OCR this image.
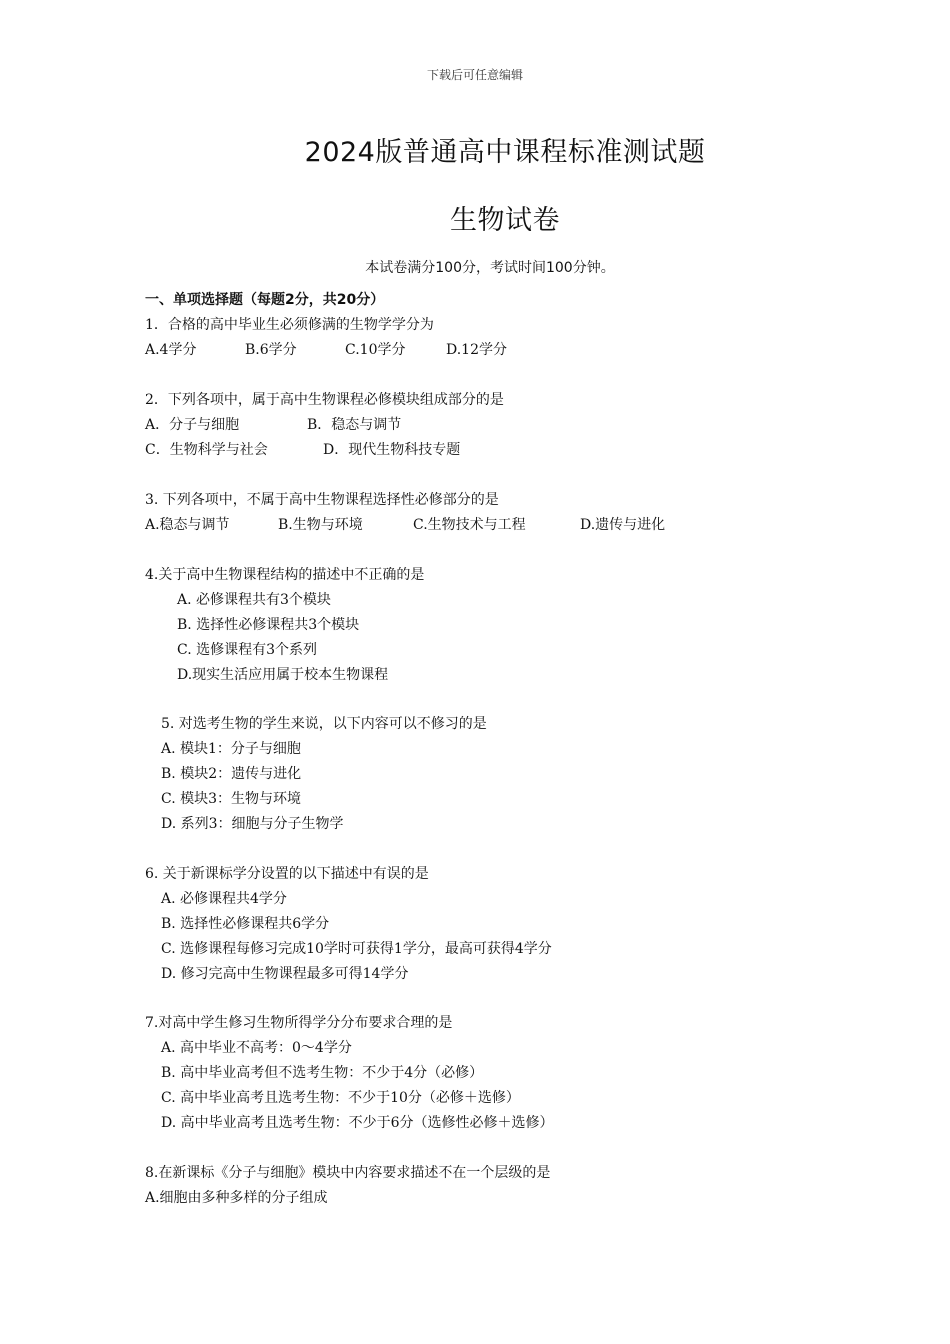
下载后可任意编辑
2024版普通高中课程标准测试题
生物试卷
本试卷满分100分，考试时间100分钟。
一、单项选择题（每题2分，共20分）
1．合格的高中毕业生必须修满的生物学学分为
A.4学分	B.6学分	C.10学分	D.12学分
2．下列各项中，属于高中生物课程必修模块组成部分的是
A．分子与细胞	B．稳态与调节
C．生物科学与社会	D．现代生物科技专题
3. 下列各项中，不属于高中生物课程选择性必修部分的是
A.稳态与调节	B.生物与环境	C.生物技术与工程	D.遗传与进化
4.关于高中生物课程结构的描述中不正确的是
A. 必修课程共有3个模块
B. 选择性必修课程共3个模块
C. 选修课程有3个系列
D.现实生活应用属于校本生物课程
5. 对选考生物的学生来说，以下内容可以不修习的是
A. 模块1：分子与细胞
B. 模块2：遗传与进化
C. 模块3：生物与环境
D. 系列3：细胞与分子生物学
6. 关于新课标学分设置的以下描述中有误的是
A. 必修课程共4学分
B. 选择性必修课程共6学分
C. 选修课程每修习完成10学时可获得1学分，最高可获得4学分
D. 修习完高中生物课程最多可得14学分
7.对高中学生修习生物所得学分分布要求合理的是
A. 高中毕业不高考：0～4学分
B. 高中毕业高考但不选考生物：不少于4分（必修）
C. 高中毕业高考且选考生物：不少于10分（必修＋选修）
D. 高中毕业高考且选考生物：不少于6分（选修性必修＋选修）
8.在新课标《分子与细胞》模块中内容要求描述不在一个层级的是
A.细胞由多种多样的分子组成
